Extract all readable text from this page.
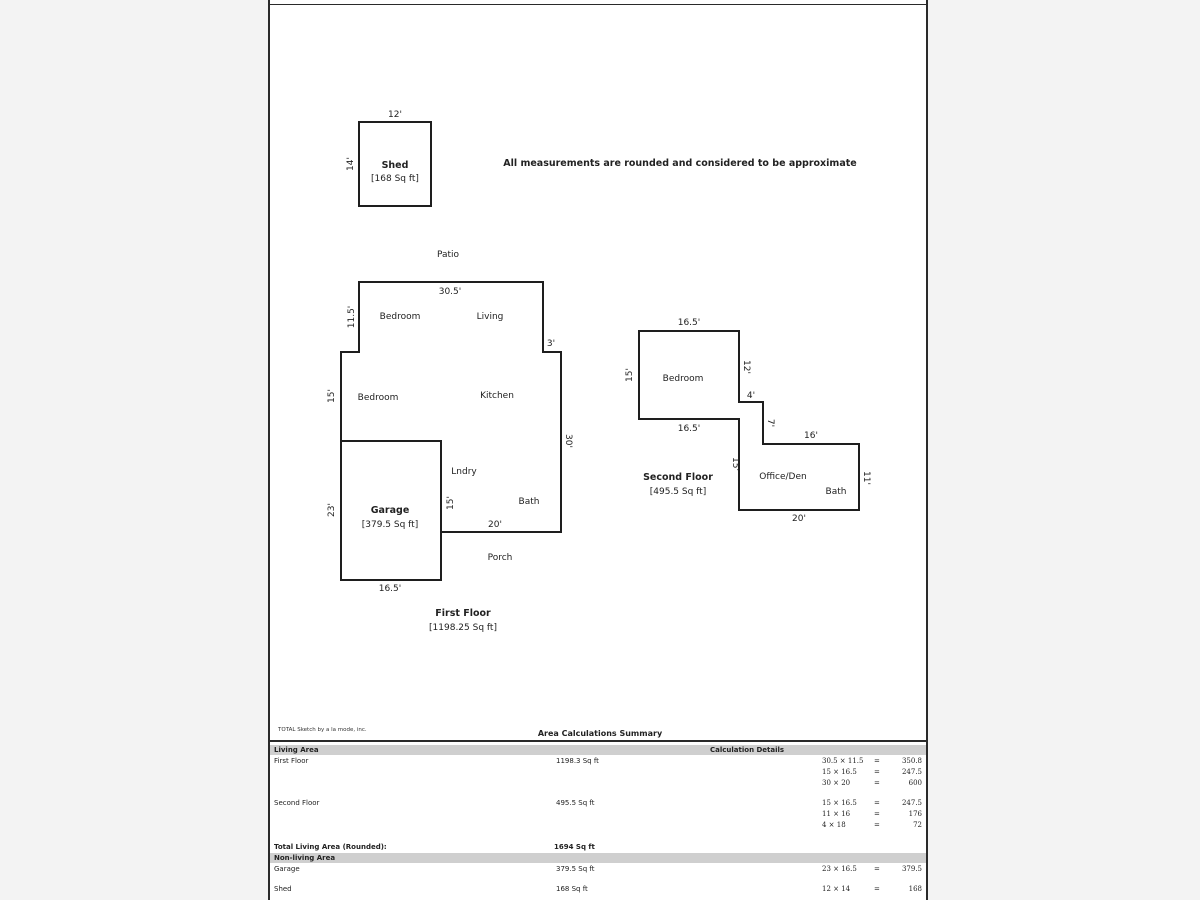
Shed
[168 Sq ft]
12'
14'	All measurements are rounded and considered to be approximate
Patio
30.5'
11.5'
3'
15'
30'
23'
16.5'
15'
20'
Bedroom	Living
Bedroom	Kitchen
Lndry
Bath
Garage
[379.5 Sq ft]
Porch
First Floor
[1198.25 Sq ft]
16.5'
15'
12'
4'
7'
16.5'
16'
15'
11'
20'
Bedroom
Office/Den
Bath
Second Floor
[495.5 Sq ft]
TOTAL Sketch by a la mode, inc.	Area Calculations Summary
Living Area	Calculation Details
First Floor	1198.3 Sq ft	30.5 × 11.5 =	350.8
15 × 16.5 =	247.5
30 × 20	=	600
Second Floor	495.5 Sq ft	15 × 16.5 =	247.5
11 × 16	=	176
4 × 18	=	72
Total Living Area (Rounded):	1694 Sq ft
Non-living Area
Garage	379.5 Sq ft	23 × 16.5 =	379.5
Shed	168 Sq ft	12 × 14	=	168
